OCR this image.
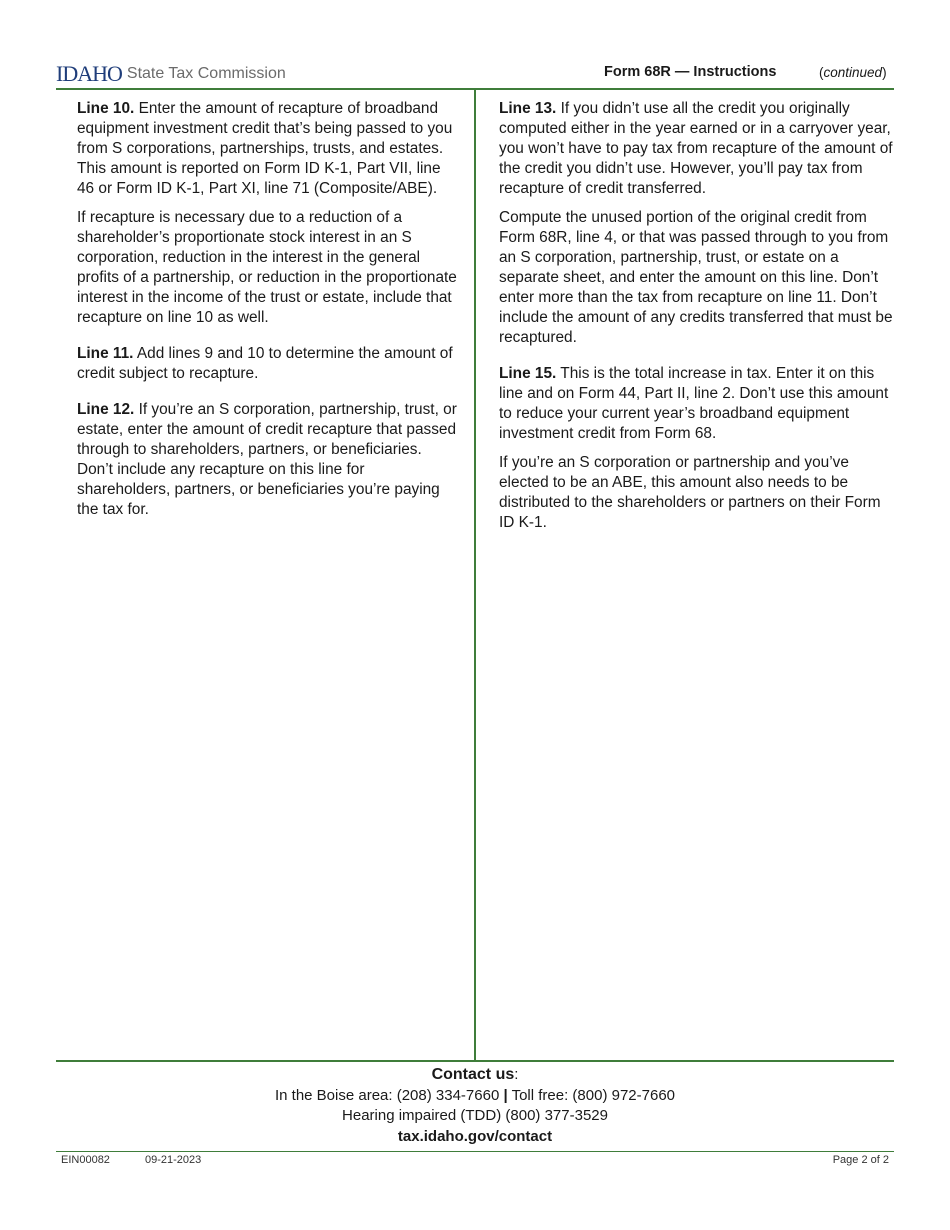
IDAHO State Tax Commission	Form 68R — Instructions	(continued)

Line 10. Enter the amount of recapture of broadband equipment investment credit that’s being passed to you from S corporations, partnerships, trusts, and estates. This amount is reported on Form ID K-1, Part VII, line 46 or Form ID K-1, Part XI, line 71 (Composite/ABE).

If recapture is necessary due to a reduction of a shareholder’s proportionate stock interest in an S corporation, reduction in the interest in the general profits of a partnership, or reduction in the proportionate interest in the income of the trust or estate, include that recapture on line 10 as well.

Line 11. Add lines 9 and 10 to determine the amount of credit subject to recapture.

Line 12. If you’re an S corporation, partnership, trust, or estate, enter the amount of credit recapture that passed through to shareholders, partners, or beneficiaries. Don’t include any recapture on this line for shareholders, partners, or beneficiaries you’re paying the tax for.

Line 13. If you didn’t use all the credit you originally computed either in the year earned or in a carryover year, you won’t have to pay tax from recapture of the amount of the credit you didn’t use. However, you’ll pay tax from recapture of credit transferred.

Compute the unused portion of the original credit from Form 68R, line 4, or that was passed through to you from an S corporation, partnership, trust, or estate on a separate sheet, and enter the amount on this line. Don’t enter more than the tax from recapture on line 11. Don’t include the amount of any credits transferred that must be recaptured.

Line 15. This is the total increase in tax. Enter it on this line and on Form 44, Part II, line 2. Don’t use this amount to reduce your current year’s broadband equipment investment credit from Form 68.

If you’re an S corporation or partnership and you’ve elected to be an ABE, this amount also needs to be distributed to the shareholders or partners on their Form ID K-1.

Contact us:
In the Boise area: (208) 334-7660 | Toll free: (800) 972-7660
Hearing impaired (TDD) (800) 377-3529
tax.idaho.gov/contact
EIN00082	09-21-2023	Page 2 of 2
